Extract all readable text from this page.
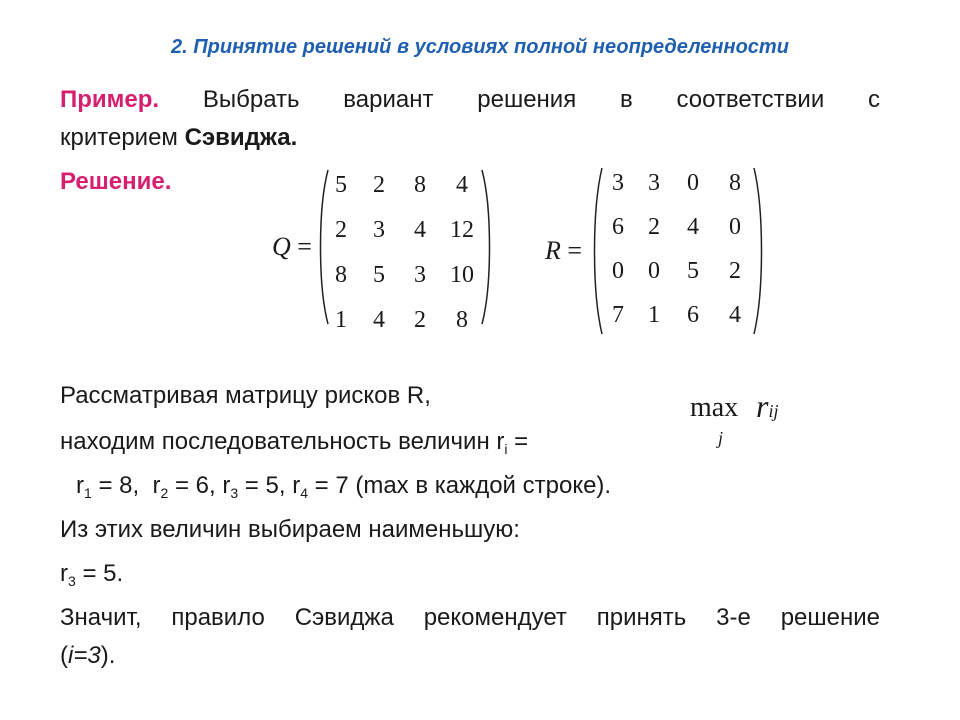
2. Принятие решений в условиях полной неопределенности
Пример. Выбрать вариант решения в соответствии с
критерием Сэвиджа.
Решение.
Q =
5	2	8	4
2	3	4	12
8	5	3	10
1	4	2	8
R =
3	3	0	8
6	2	4	0
0	0	5	2
7	1	6	4
max
j
rij
Рассматривая матрицу рисков R,
находим последовательность величин $r_i$ =
$r_1 = 8$,  $r_2 = 6$, $r_3 = 5$, $r_4 = 7$ (max в каждой строке).
Из этих величин выбираем наименьшую:
$r_3 = 5$.
Значит, правило Сэвиджа рекомендует принять 3-е решение
(i=3).
